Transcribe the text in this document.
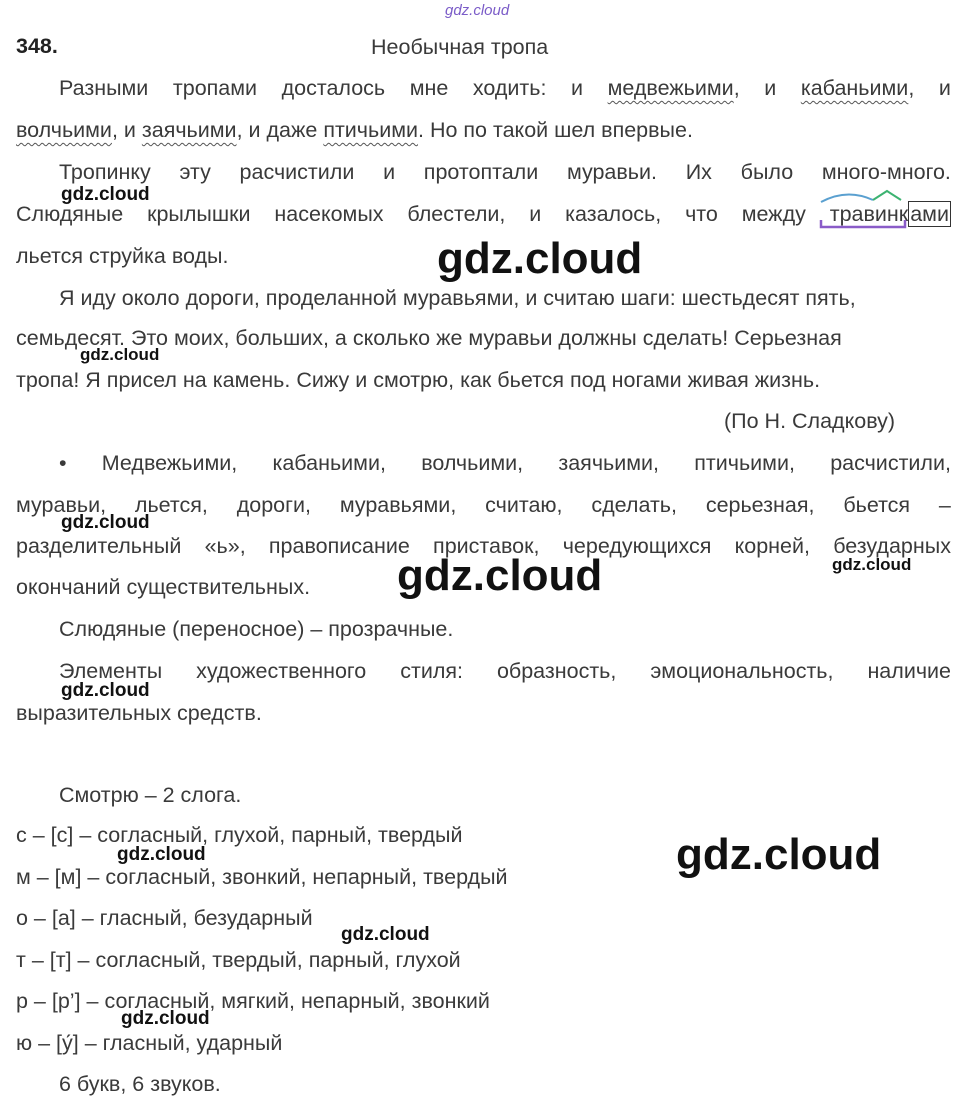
gdz.cloud
348.	Необычная тропа
Разными тропами досталось мне ходить: и медвежьими, и кабаньими, и
волчьими , и заячьими , и даже птичьими . Но по такой шел впервые.
Тропинку эту расчистили и протоптали муравьи. Их было много-много.
Слюдяные крылышки насекомых блестели, и казалось, что между травинками
льется струйка воды.
Я иду около дороги, проделанной муравьями, и считаю шаги: шестьдесят пять,
семьдесят. Это моих, больших, а сколько же муравьи должны сделать! Серьезная
тропа! Я присел на камень. Сижу и смотрю, как бьется под ногами живая жизнь.
(По Н. Сладкову)
• Медвежьими, кабаньими, волчьими, заячьими, птичьими, расчистили,
муравьи, льется, дороги, муравьями, считаю, сделать, серьезная, бьется –
разделительный «ь», правописание приставок, чередующихся корней, безударных
окончаний существительных.
Слюдяные (переносное) – прозрачные.
Элементы художественного стиля: образность, эмоциональность, наличие
выразительных средств.
Смотрю – 2 слога.
с – [с] – согласный, глухой, парный, твердый
м – [м] – согласный, звонкий, непарный, твердый
о – [а] – гласный, безударный
т – [т] – согласный, твердый, парный, глухой
р – [р’] – согласный, мягкий, непарный, звонкий
ю – [у́] – гласный, ударный
6 букв, 6 звуков.
gdz.cloud
gdz.cloud
gdz.cloud
gdz.cloud
gdz.cloud	gdz.cloud
gdz.cloud
gdz.cloud
gdz.cloud
gdz.cloud
gdz.cloud
